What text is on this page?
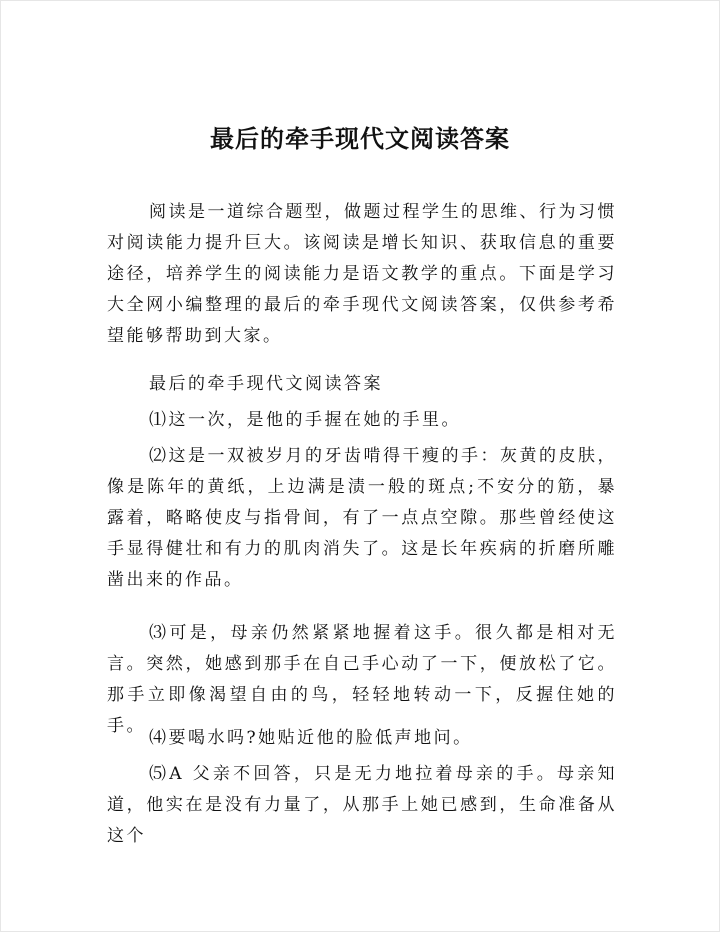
最后的牵手现代文阅读答案

阅读是一道综合题型，做题过程学生的思维、行为习惯对阅读能力提升巨大。该阅读是增长知识、获取信息的重要途径，培养学生的阅读能力是语文教学的重点。下面是学习大全网小编整理的最后的牵手现代文阅读答案，仅供参考希望能够帮助到大家。

最后的牵手现代文阅读答案

⑴这一次，是他的手握在她的手里。

⑵这是一双被岁月的牙齿啃得干瘦的手：灰黄的皮肤，像是陈年的黄纸，上边满是渍一般的斑点;不安分的筋，暴露着，略略使皮与指骨间，有了一点点空隙。那些曾经使这手显得健壮和有力的肌肉消失了。这是长年疾病的折磨所雕凿出来的作品。

⑶可是，母亲仍然紧紧地握着这手。很久都是相对无言。突然，她感到那手在自己手心动了一下，便放松了它。那手立即像渴望自由的鸟，轻轻地转动一下，反握住她的手。

⑷要喝水吗?她贴近他的脸低声地问。

⑸A 父亲不回答，只是无力地拉着母亲的手。母亲知道，他实在是没有力量了，从那手上她已感到，生命准备从这个
